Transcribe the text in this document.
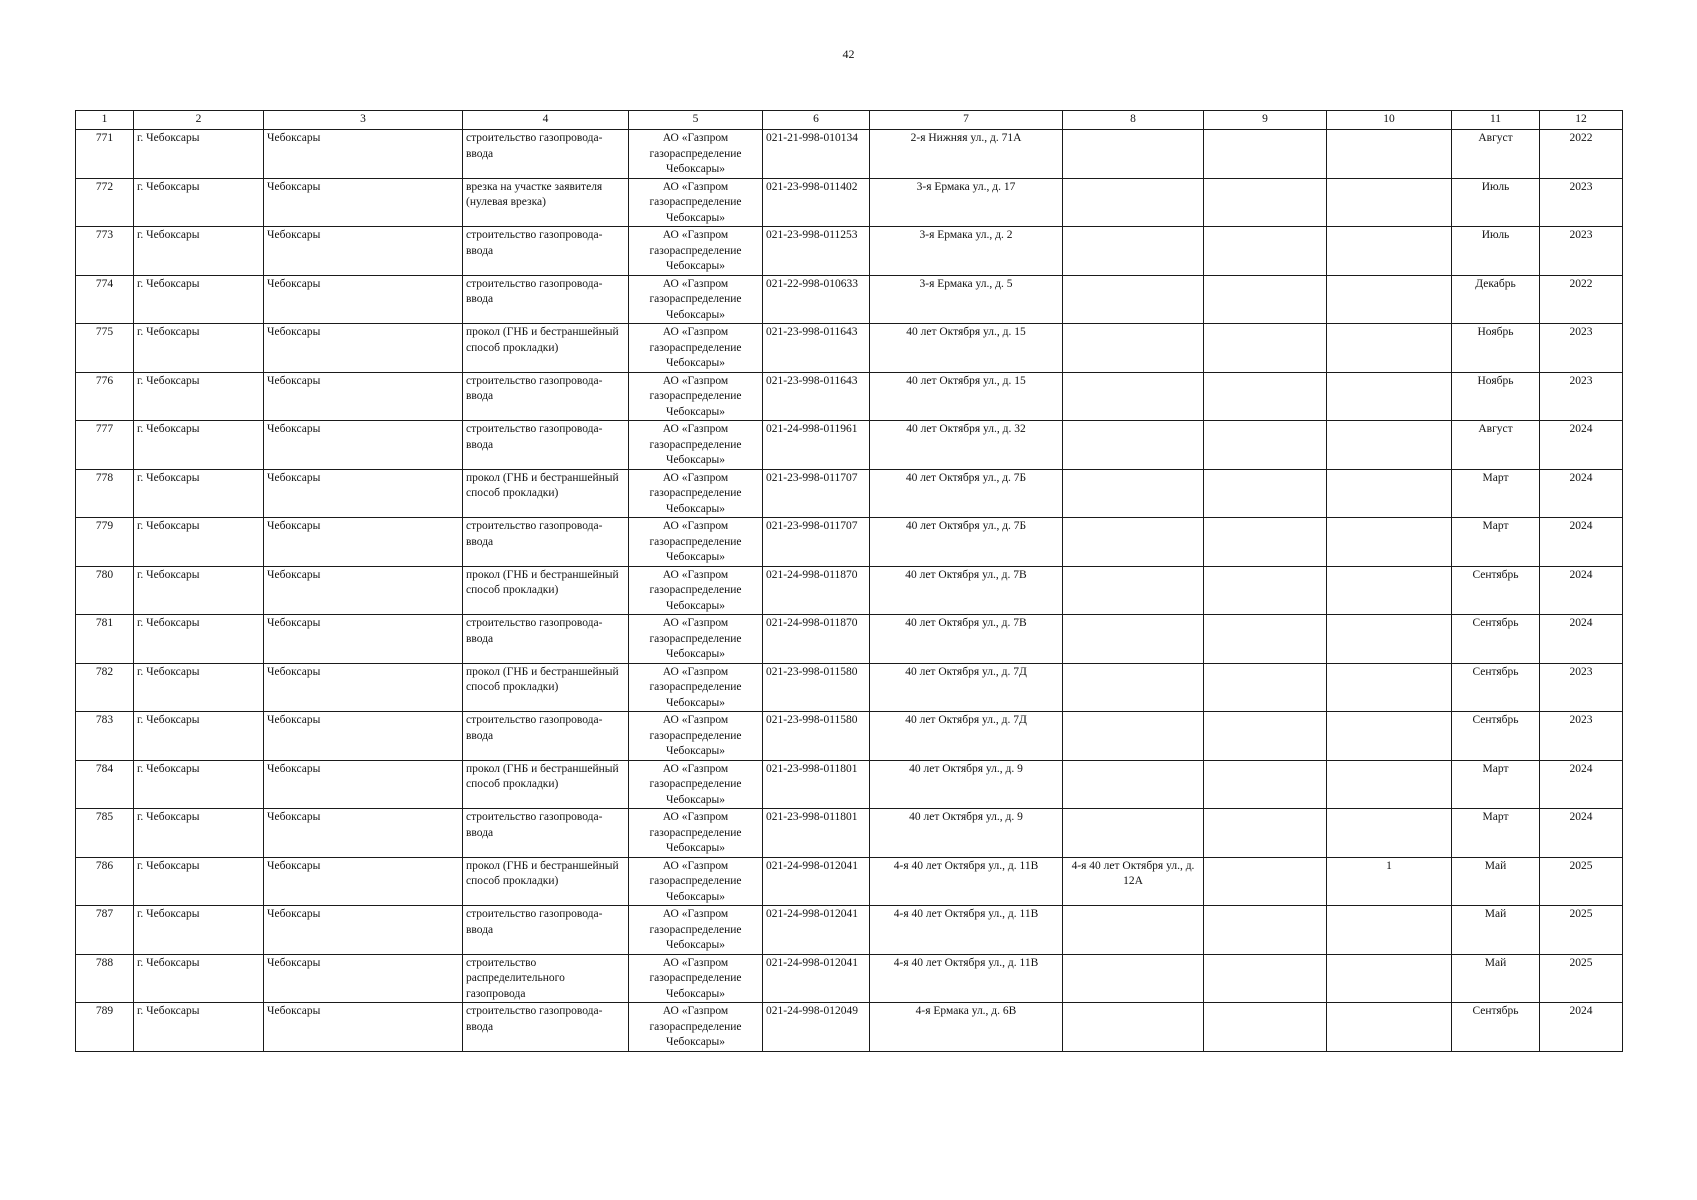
42
1	2	3	4	5	6	7	8	9	10	11	12
771	г. Чебоксары	Чебоксары	строительство газопровода-ввода	АО «Газпром газораспределение Чебоксары»	021-21-998-010134	2-я Нижняя ул., д. 71А				Август	2022
772	г. Чебоксары	Чебоксары	врезка на участке заявителя (нулевая врезка)	АО «Газпром газораспределение Чебоксары»	021-23-998-011402	3-я Ермака ул., д. 17				Июль	2023
773	г. Чебоксары	Чебоксары	строительство газопровода-ввода	АО «Газпром газораспределение Чебоксары»	021-23-998-011253	3-я Ермака ул., д. 2				Июль	2023
774	г. Чебоксары	Чебоксары	строительство газопровода-ввода	АО «Газпром газораспределение Чебоксары»	021-22-998-010633	3-я Ермака ул., д. 5				Декабрь	2022
775	г. Чебоксары	Чебоксары	прокол (ГНБ и бестраншейный способ прокладки)	АО «Газпром газораспределение Чебоксары»	021-23-998-011643	40 лет Октября ул., д. 15				Ноябрь	2023
776	г. Чебоксары	Чебоксары	строительство газопровода-ввода	АО «Газпром газораспределение Чебоксары»	021-23-998-011643	40 лет Октября ул., д. 15				Ноябрь	2023
777	г. Чебоксары	Чебоксары	строительство газопровода-ввода	АО «Газпром газораспределение Чебоксары»	021-24-998-011961	40 лет Октября ул., д. 32				Август	2024
778	г. Чебоксары	Чебоксары	прокол (ГНБ и бестраншейный способ прокладки)	АО «Газпром газораспределение Чебоксары»	021-23-998-011707	40 лет Октября ул., д. 7Б				Март	2024
779	г. Чебоксары	Чебоксары	строительство газопровода-ввода	АО «Газпром газораспределение Чебоксары»	021-23-998-011707	40 лет Октября ул., д. 7Б				Март	2024
780	г. Чебоксары	Чебоксары	прокол (ГНБ и бестраншейный способ прокладки)	АО «Газпром газораспределение Чебоксары»	021-24-998-011870	40 лет Октября ул., д. 7В				Сентябрь	2024
781	г. Чебоксары	Чебоксары	строительство газопровода-ввода	АО «Газпром газораспределение Чебоксары»	021-24-998-011870	40 лет Октября ул., д. 7В				Сентябрь	2024
782	г. Чебоксары	Чебоксары	прокол (ГНБ и бестраншейный способ прокладки)	АО «Газпром газораспределение Чебоксары»	021-23-998-011580	40 лет Октября ул., д. 7Д				Сентябрь	2023
783	г. Чебоксары	Чебоксары	строительство газопровода-ввода	АО «Газпром газораспределение Чебоксары»	021-23-998-011580	40 лет Октября ул., д. 7Д				Сентябрь	2023
784	г. Чебоксары	Чебоксары	прокол (ГНБ и бестраншейный способ прокладки)	АО «Газпром газораспределение Чебоксары»	021-23-998-011801	40 лет Октября ул., д. 9				Март	2024
785	г. Чебоксары	Чебоксары	строительство газопровода-ввода	АО «Газпром газораспределение Чебоксары»	021-23-998-011801	40 лет Октября ул., д. 9				Март	2024
786	г. Чебоксары	Чебоксары	прокол (ГНБ и бестраншейный способ прокладки)	АО «Газпром газораспределение Чебоксары»	021-24-998-012041	4-я 40 лет Октября ул., д. 11В	4-я 40 лет Октября ул., д. 12А		1	Май	2025
787	г. Чебоксары	Чебоксары	строительство газопровода-ввода	АО «Газпром газораспределение Чебоксары»	021-24-998-012041	4-я 40 лет Октября ул., д. 11В				Май	2025
788	г. Чебоксары	Чебоксары	строительство распределительного газопровода	АО «Газпром газораспределение Чебоксары»	021-24-998-012041	4-я 40 лет Октября ул., д. 11В				Май	2025
789	г. Чебоксары	Чебоксары	строительство газопровода-ввода	АО «Газпром газораспределение Чебоксары»	021-24-998-012049	4-я Ермака ул., д. 6В				Сентябрь	2024
